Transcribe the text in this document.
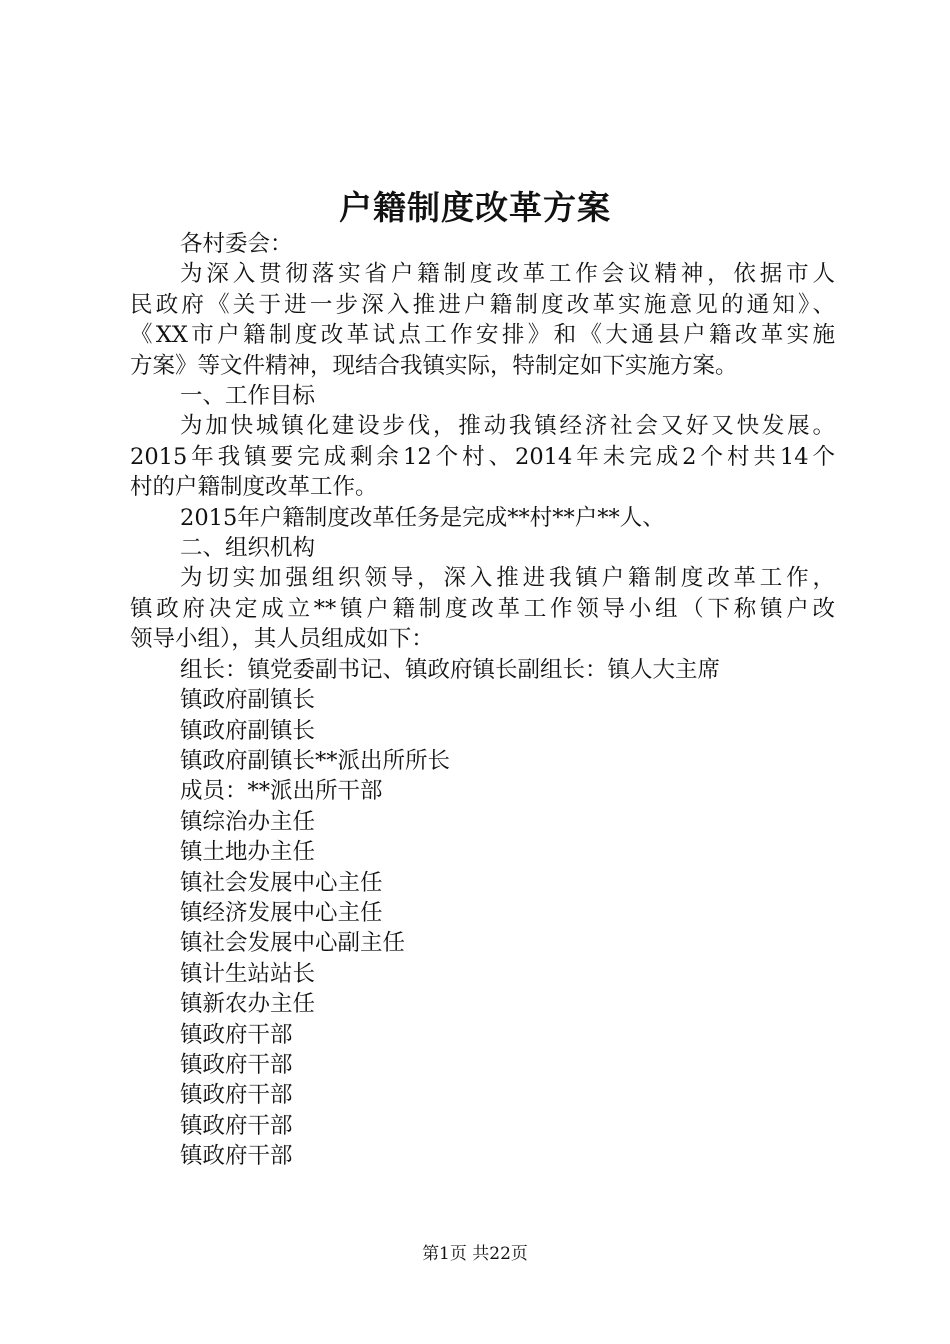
户籍制度改革方案

各村委会：

为深入贯彻落实省户籍制度改革工作会议精神，依据市人

民政府《关于进一步深入推进户籍制度改革实施意见的通知》、

《XX市户籍制度改革试点工作安排》和《大通县户籍改革实施

方案》等文件精神，现结合我镇实际，特制定如下实施方案。

一、工作目标

为加快城镇化建设步伐，推动我镇经济社会又好又快发展。

2015年我镇要完成剩余12个村、2014年未完成2个村共14个

村的户籍制度改革工作。

2015年户籍制度改革任务是完成**村**户**人、

二、组织机构

为切实加强组织领导，深入推进我镇户籍制度改革工作，

镇政府决定成立**镇户籍制度改革工作领导小组（下称镇户改

领导小组），其人员组成如下：

组长：镇党委副书记、镇政府镇长副组长：镇人大主席

镇政府副镇长

镇政府副镇长

镇政府副镇长**派出所所长

成员：**派出所干部

镇综治办主任

镇土地办主任

镇社会发展中心主任

镇经济发展中心主任

镇社会发展中心副主任

镇计生站站长

镇新农办主任

镇政府干部

镇政府干部

镇政府干部

镇政府干部

镇政府干部

第1页 共22页
